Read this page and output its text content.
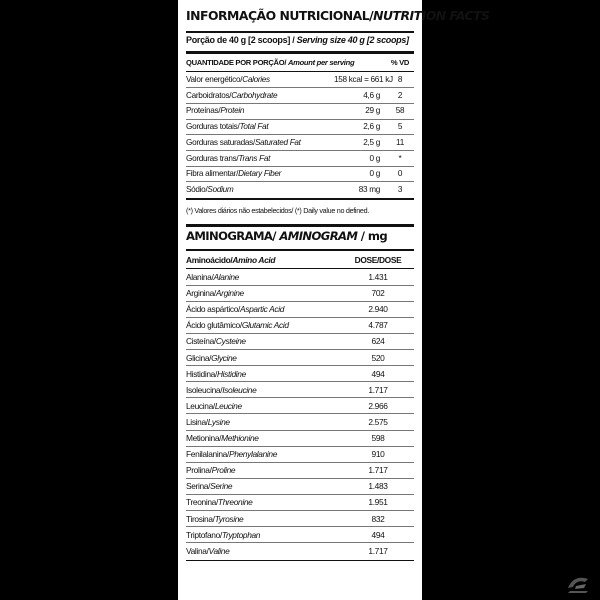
INFORMAÇÃO NUTRICIONAL/NUTRITION FACTS
Porção de 40 g [2 scoops] / Serving size 40 g [2 scoops]
QUANTIDADE POR PORÇÃO/ Amount per serving	% VD
Valor energético/Calories	158 kcal = 661 kJ 8
Carboidratos/Carbohydrate	4,6 g	2
Proteínas/Protein	29 g	58
Gorduras totais/Total Fat	2,6 g	5
Gorduras saturadas/Saturated Fat	2,5 g	11
Gorduras trans/Trans Fat	0 g	*
Fibra alimentar/Dietary Fiber	0 g	0
Sódio/Sodium	83 mg	3
(*) Valores diários não estabelecidos/ (*) Daily value no defined.
AMINOGRAMA/ AMINOGRAM / mg
Aminoácido/Amino Acid	DOSE/DOSE
Alanina/Alanine	1.431
Arginina/Arginine	702
Ácido aspártico/Aspartic Acid	2.940
Ácido glutâmico/Glutamic Acid	4.787
Cisteína/Cysteine	624
Glicina/Glycine	520
Histidina/Histidine	494
Isoleucina/Isoleucine	1.717
Leucina/Leucine	2.966
Lisina/Lysine	2.575
Metionina/Methionine	598
Fenilalanina/Phenylalanine	910
Prolina/Proline	1.717
Serina/Serine	1.483
Treonina/Threonine	1.951
Tirosina/Tyrosine	832
Triptofano/Tryptophan	494
Valina/Valine	1.717
